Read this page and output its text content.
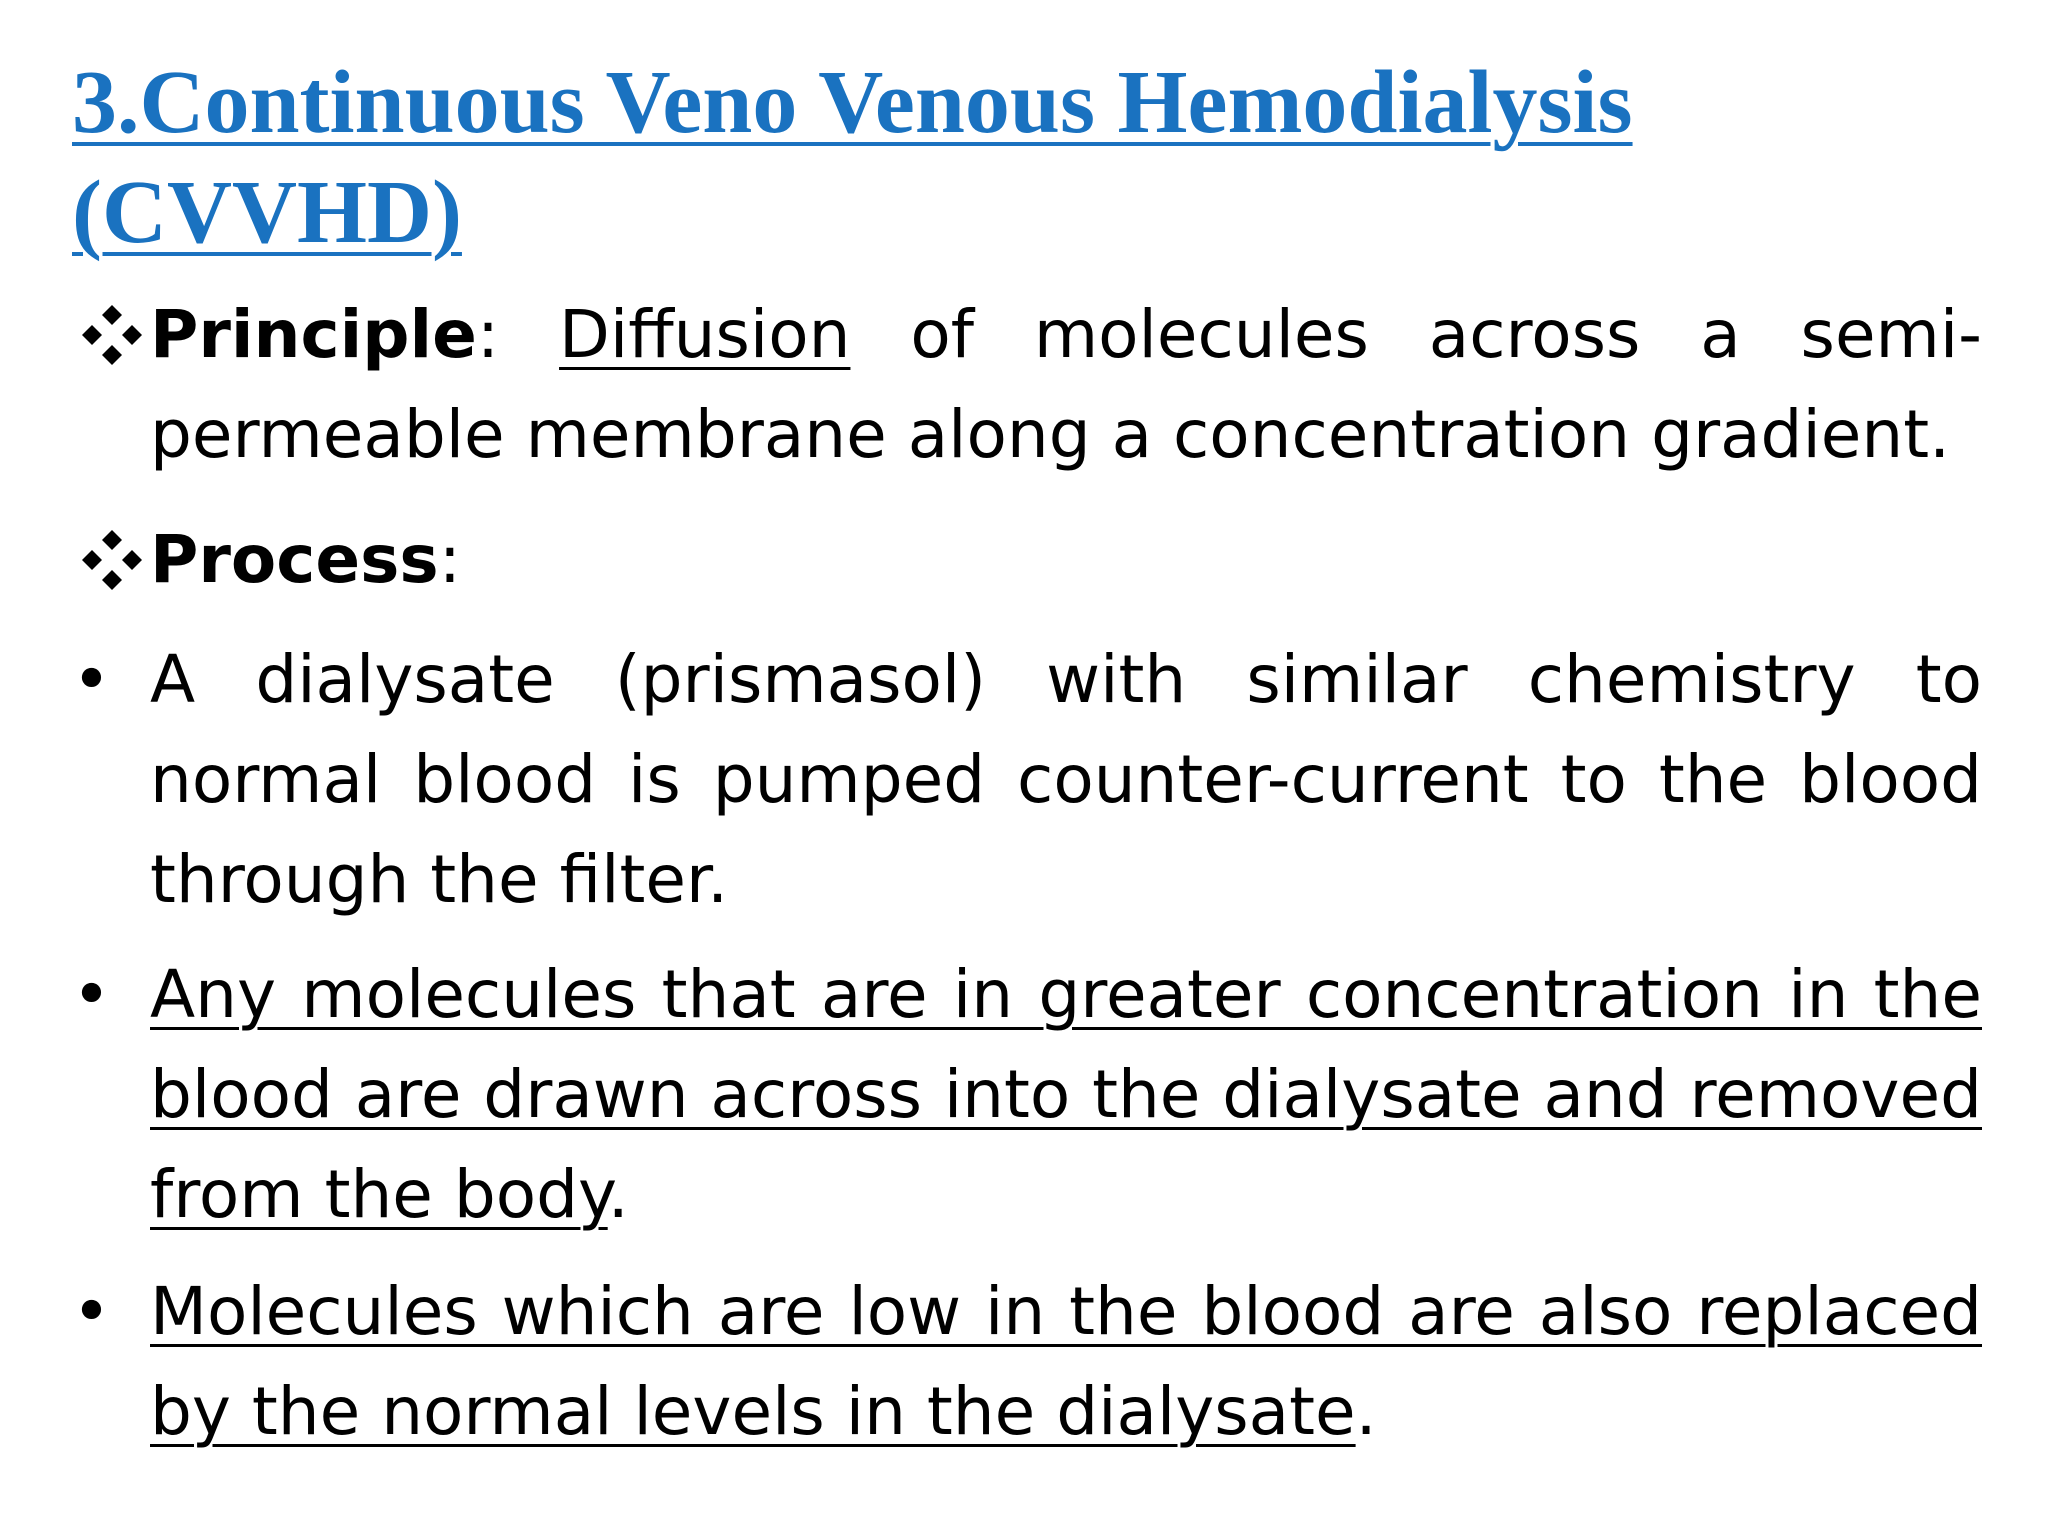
3.Continuous Veno Venous Hemodialysis
(CVVHD)

Principle: Diffusion of molecules across a semi-permeable membrane along a concentration gradient.

Process:

• A dialysate (prismasol) with similar chemistry to normal blood is pumped counter-current to the blood through the filter.

• Any molecules that are in greater concentration in the blood are drawn across into the dialysate and removed from the body.

• Molecules which are low in the blood are also replaced by the normal levels in the dialysate.
